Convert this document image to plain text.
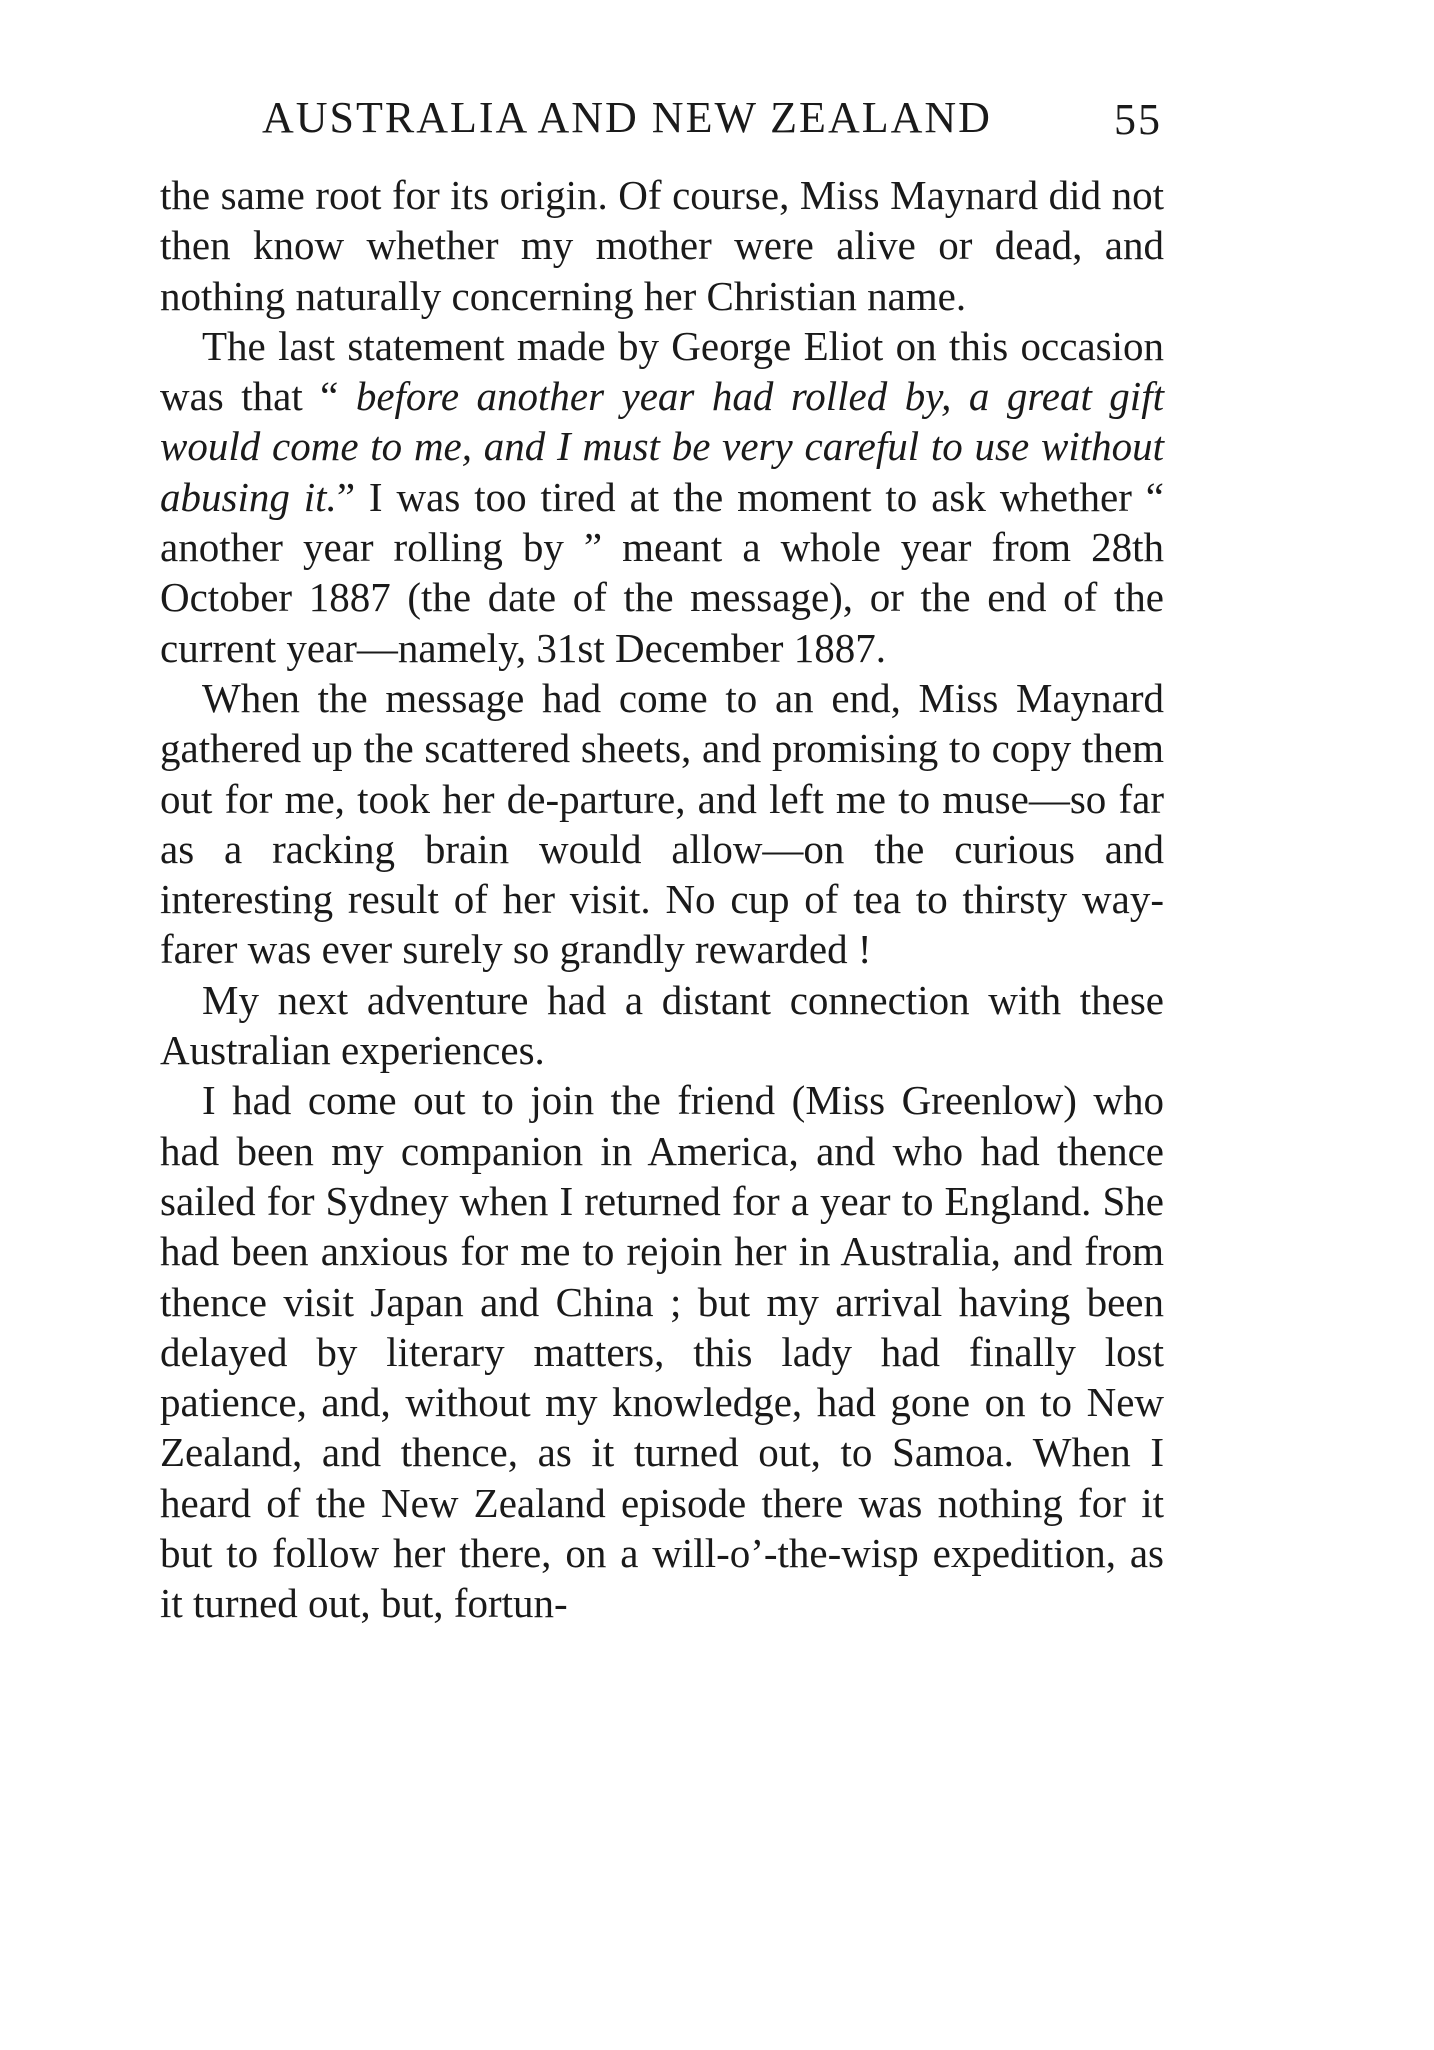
AUSTRALIA AND NEW ZEALAND	55

the same root for its origin. Of course, Miss Maynard did not then know whether my mother were alive or dead, and nothing naturally concerning her Christian name.

The last statement made by George Eliot on this occasion was that “ before another year had rolled by, a great gift would come to me, and I must be very careful to use without abusing it.” I was too tired at the moment to ask whether “ another year rolling by ” meant a whole year from 28th October 1887 (the date of the message), or the end of the current year—namely, 31st December 1887.

When the message had come to an end, Miss Maynard gathered up the scattered sheets, and promising to copy them out for me, took her de-parture, and left me to muse—so far as a racking brain would allow—on the curious and interesting result of her visit. No cup of tea to thirsty way-farer was ever surely so grandly rewarded !

My next adventure had a distant connection with these Australian experiences.

I had come out to join the friend (Miss Greenlow) who had been my companion in America, and who had thence sailed for Sydney when I returned for a year to England. She had been anxious for me to rejoin her in Australia, and from thence visit Japan and China ; but my arrival having been delayed by literary matters, this lady had finally lost patience, and, without my knowledge, had gone on to New Zealand, and thence, as it turned out, to Samoa. When I heard of the New Zealand episode there was nothing for it but to follow her there, on a will-o’-the-wisp expedition, as it turned out, but, fortun-
